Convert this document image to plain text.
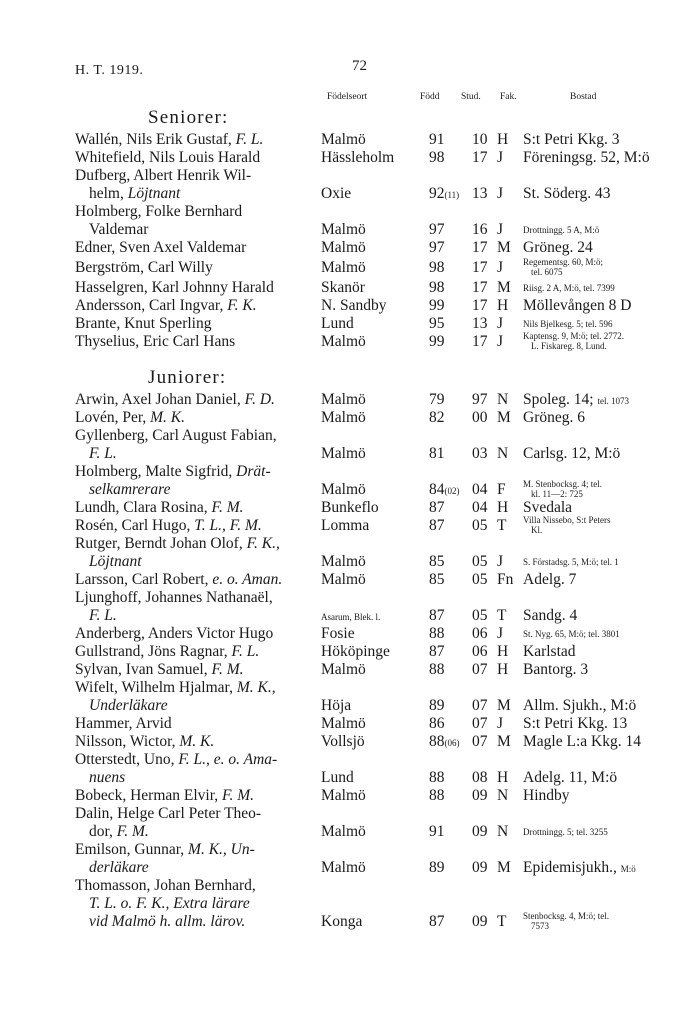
H. T. 1919.	72
Födelseort	Född Stud. Fak.	Bostad
Seniorer:
Juniorer:
Wallén, Nils Erik Gustaf, F. L.	Malmö	91 10 H S:t Petri Kkg. 3
Whitefield, Nils Louis Harald	Hässleholm 98 17 J Föreningsg. 52, M:ö
Dufberg, Albert Henrik Wil-
helm, Löjtnant	Oxie	92(11) 13 J St. Söderg. 43
Holmberg, Folke Bernhard
Valdemar	Malmö	97 16 J Drottningg. 5 A, M:ö
Edner, Sven Axel Valdemar	Malmö	97 17 M Gröneg. 24
Bergström, Carl Willy	Malmö	98 17 J Regementsg. 60, M:ö;
tel. 6075
Hasselgren, Karl Johnny Harald	Skanör	98 17 M Riisg. 2 A, M:ö, tel. 7399
Andersson, Carl Ingvar, F. K.	N. Sandby	99 17 H Möllevången 8 D
Brante, Knut Sperling	Lund	95 13 J Nils Bjelkesg. 5; tel. 596
Thyselius, Eric Carl Hans	Malmö	99 17 J Kaptensg. 9, M:ö; tel. 2772.
L. Fiskareg. 8, Lund.
Arwin, Axel Johan Daniel, F. D.	Malmö	79 97 N Spoleg. 14; tel. 1073
Lovén, Per, M. K.	Malmö	82 00 M Gröneg. 6
Gyllenberg, Carl August Fabian,
F. L.	Malmö	81 03 N Carlsg. 12, M:ö
Holmberg, Malte Sigfrid, Drät-
selkamrerare	Malmö	84(02) 04 F M. Stenbocksg. 4; tel.
kl. 11—2: 725
Lundh, Clara Rosina, F. M.	Bunkeflo	87 04 H Svedala
Rosén, Carl Hugo, T. L., F. M.	Lomma	87 05 T Villa Nissebo, S:t Peters
Kl.
Rutger, Berndt Johan Olof, F. K.,
Löjtnant	Malmö	85 05 J S. Förstadsg. 5, M:ö; tel. 1
Larsson, Carl Robert, e. o. Aman.	Malmö	85 05 Fn Adelg. 7
Ljunghoff, Johannes Nathanaël,
F. L.	Asarum, Blek. l.	87 05 T Sandg. 4
Anderberg, Anders Victor Hugo	Fosie	88 06 J St. Nyg. 65, M:ö; tel. 3801
Gullstrand, Jöns Ragnar, F. L.	Hököpinge	87 06 H Karlstad
Sylvan, Ivan Samuel, F. M.	Malmö	88 07 H Bantorg. 3
Wifelt, Wilhelm Hjalmar, M. K.,
Underläkare	Höja	89 07 M Allm. Sjukh., M:ö
Hammer, Arvid	Malmö	86 07 J S:t Petri Kkg. 13
Nilsson, Wictor, M. K.	Vollsjö	88(06) 07 M Magle L:a Kkg. 14
Otterstedt, Uno, F. L., e. o. Ama-
nuens	Lund	88 08 H Adelg. 11, M:ö
Bobeck, Herman Elvir, F. M.	Malmö	88 09 N Hindby
Dalin, Helge Carl Peter Theo-
dor, F. M.	Malmö	91 09 N Drottningg. 5; tel. 3255
Emilson, Gunnar, M. K., Un-
derläkare	Malmö	89 09 M Epidemisjukh., M:ö
Thomasson, Johan Bernhard,
T. L. o. F. K., Extra lärare
vid Malmö h. allm. lärov.	Konga	87 09 T Stenbocksg. 4, M:ö; tel.
7573
